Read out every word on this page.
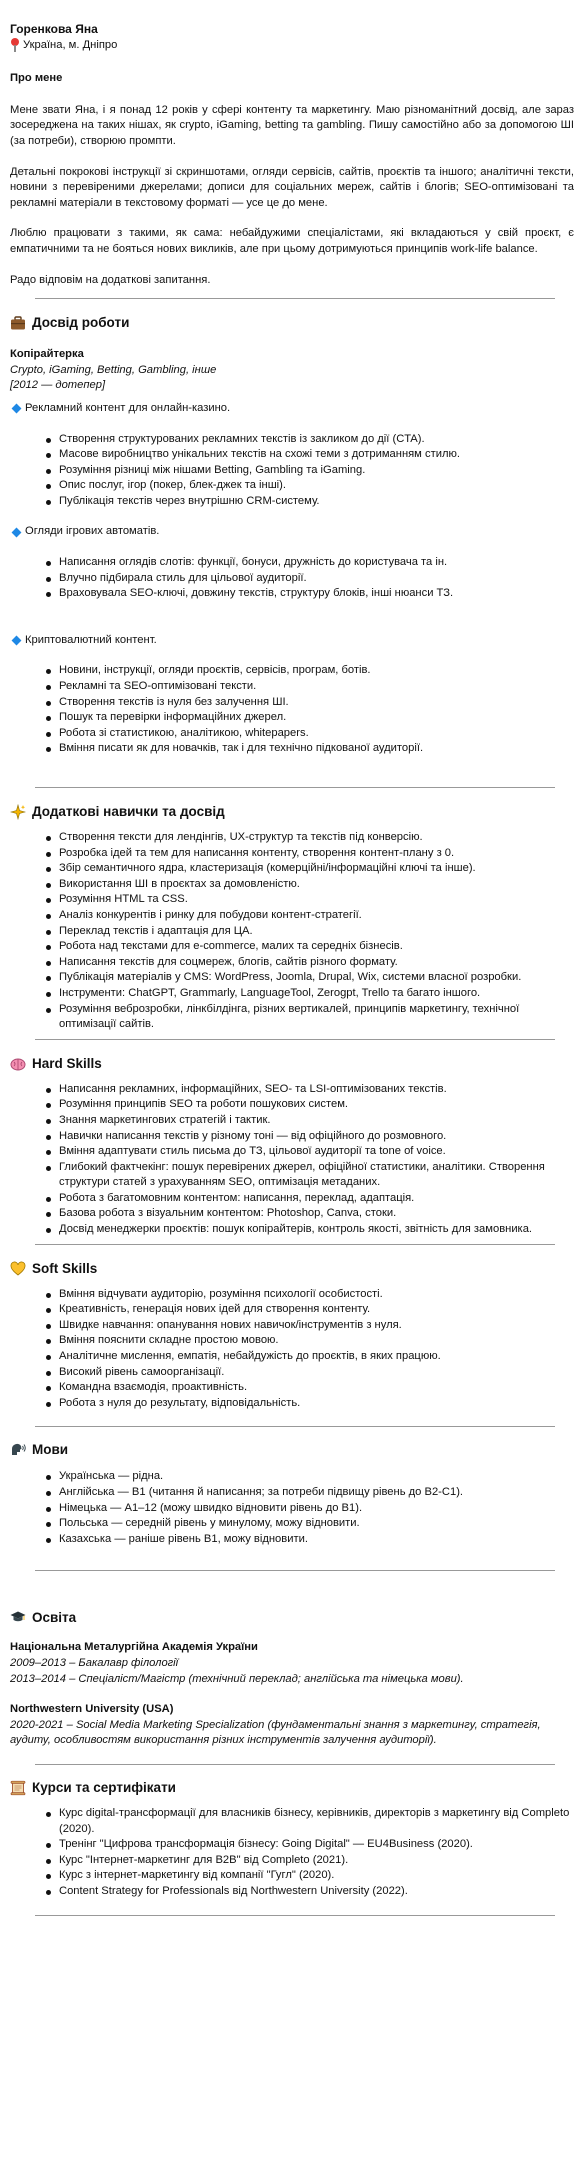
Горенкова Яна
Україна, м. Дніпро
Про мене

Мене звати Яна, і я понад 12 років у сфері контенту та маркетингу. Маю різноманітний досвід, але зараз зосереджена на таких нішах, як crypto, iGaming, betting та gambling. Пишу самостійно або за допомогою ШІ (за потреби), створюю промпти.

Детальні покрокові інструкції зі скриншотами, огляди сервісів, сайтів, проєктів та іншого; аналітичні тексти, новини з перевіреними джерелами; дописи для соціальних мереж, сайтів і блогів; SEO-оптимізовані та рекламні матеріали в текстовому форматі — усе це до мене.

Люблю працювати з такими, як сама: небайдужими спеціалістами, які вкладаються у свій проєкт, є емпатичними та не бояться нових викликів, але при цьому дотримуються принципів work-life balance.

Радо відповім на додаткові запитання.

Досвід роботи
Копірайтерка
Crypto, iGaming, Betting, Gambling, інше
[2012 — дотепер]
Рекламний контент для онлайн-казино.
Створення структурованих рекламних текстів із закликом до дії (CTA).
Масове виробництво унікальних текстів на схожі теми з дотриманням стилю.
Розуміння різниці між нішами Betting, Gambling та iGaming.
Опис послуг, ігор (покер, блек-джек та інші).
Публікація текстів через внутрішню CRM-систему.
Огляди ігрових автоматів.
Написання оглядів слотів: функції, бонуси, дружність до користувача та ін.
Влучно підбирала стиль для цільової аудиторії.
Враховувала SEO-ключі, довжину текстів, структуру блоків, інші нюанси ТЗ.
Криптовалютний контент.
Новини, інструкції, огляди проєктів, сервісів, програм, ботів.
Рекламні та SEO-оптимізовані тексти.
Створення текстів із нуля без залучення ШІ.
Пошук та перевірки інформаційних джерел.
Робота зі статистикою, аналітикою, whitepapers.
Вміння писати як для новачків, так і для технічно підкованої аудиторії.
Додаткові навички та досвід
Створення тексти для лендінгів, UX-структур та текстів під конверсію.
Розробка ідей та тем для написання контенту, створення контент-плану з 0.
Збір семантичного ядра, кластеризація (комерційні/інформаційні ключі та інше).
Використання ШІ в проєктах за домовленістю.
Розуміння HTML та CSS.
Аналіз конкурентів і ринку для побудови контент-стратегії.
Переклад текстів і адаптація для ЦА.
Робота над текстами для e-commerce, малих та середніх бізнесів.
Написання текстів для соцмереж, блогів, сайтів різного формату.
Публікація матеріалів у CMS: WordPress, Joomla, Drupal, Wix, системи власної розробки.
Інструменти: ChatGPT, Grammarly, LanguageTool, Zerogpt, Trello та багато іншого.
Розуміння веброзробки, лінкбілдінга, різних вертикалей, принципів маркетингу, технічної оптимізації сайтів.
Hard Skills
Написання рекламних, інформаційних, SEO- та LSI-оптимізованих текстів.
Розуміння принципів SEO та роботи пошукових систем.
Знання маркетингових стратегій і тактик.
Навички написання текстів у різному тоні — від офіційного до розмовного.
Вміння адаптувати стиль письма до ТЗ, цільової аудиторії та tone of voice.
Глибокий фактчекінг: пошук перевірених джерел, офіційної статистики, аналітики. Створення структури статей з урахуванням SEO, оптимізація метаданих.
Робота з багатомовним контентом: написання, переклад, адаптація.
Базова робота з візуальним контентом: Photoshop, Canva, стоки.
Досвід менеджерки проєктів: пошук копірайтерів, контроль якості, звітність для замовника.
Soft Skills
Вміння відчувати аудиторію, розуміння психології особистості.
Креативність, генерація нових ідей для створення контенту.
Швидке навчання: опанування нових навичок/інструментів з нуля.
Вміння пояснити складне простою мовою.
Аналітичне мислення, емпатія, небайдужість до проєктів, в яких працюю.
Високий рівень самоорганізації.
Командна взаємодія, проактивність.
Робота з нуля до результату, відповідальність.
Мови
Українська — рідна.
Англійська — B1 (читання й написання; за потреби підвищу рівень до B2-C1).
Німецька — A1–12 (можу швидко відновити рівень до B1).
Польська — середній рівень у минулому, можу відновити.
Казахська — раніше рівень B1, можу відновити.
Освіта
Національна Металургійна Академія України
2009–2013 – Бакалавр філології
2013–2014 – Спеціаліст/Магістр (технічний переклад; англійська та німецька мови).
Northwestern University (USA)
2020-2021 – Social Media Marketing Specialization (фундаментальні знання з маркетингу, стратегія, аудиту, особливостям використання різних інструментів залучення аудиторії).
Курси та сертифікати
Курс digital-трансформації для власників бізнесу, керівників, директорів з маркетингу від Completo (2020).
Тренінг "Цифрова трансформація бізнесу: Going Digital" — EU4Business (2020).
Курс "Інтернет-маркетинг для B2B" від Completo (2021).
Курс з інтернет-маркетингу від компанії "Гугл" (2020).
Content Strategy for Professionals від Northwestern University (2022).
